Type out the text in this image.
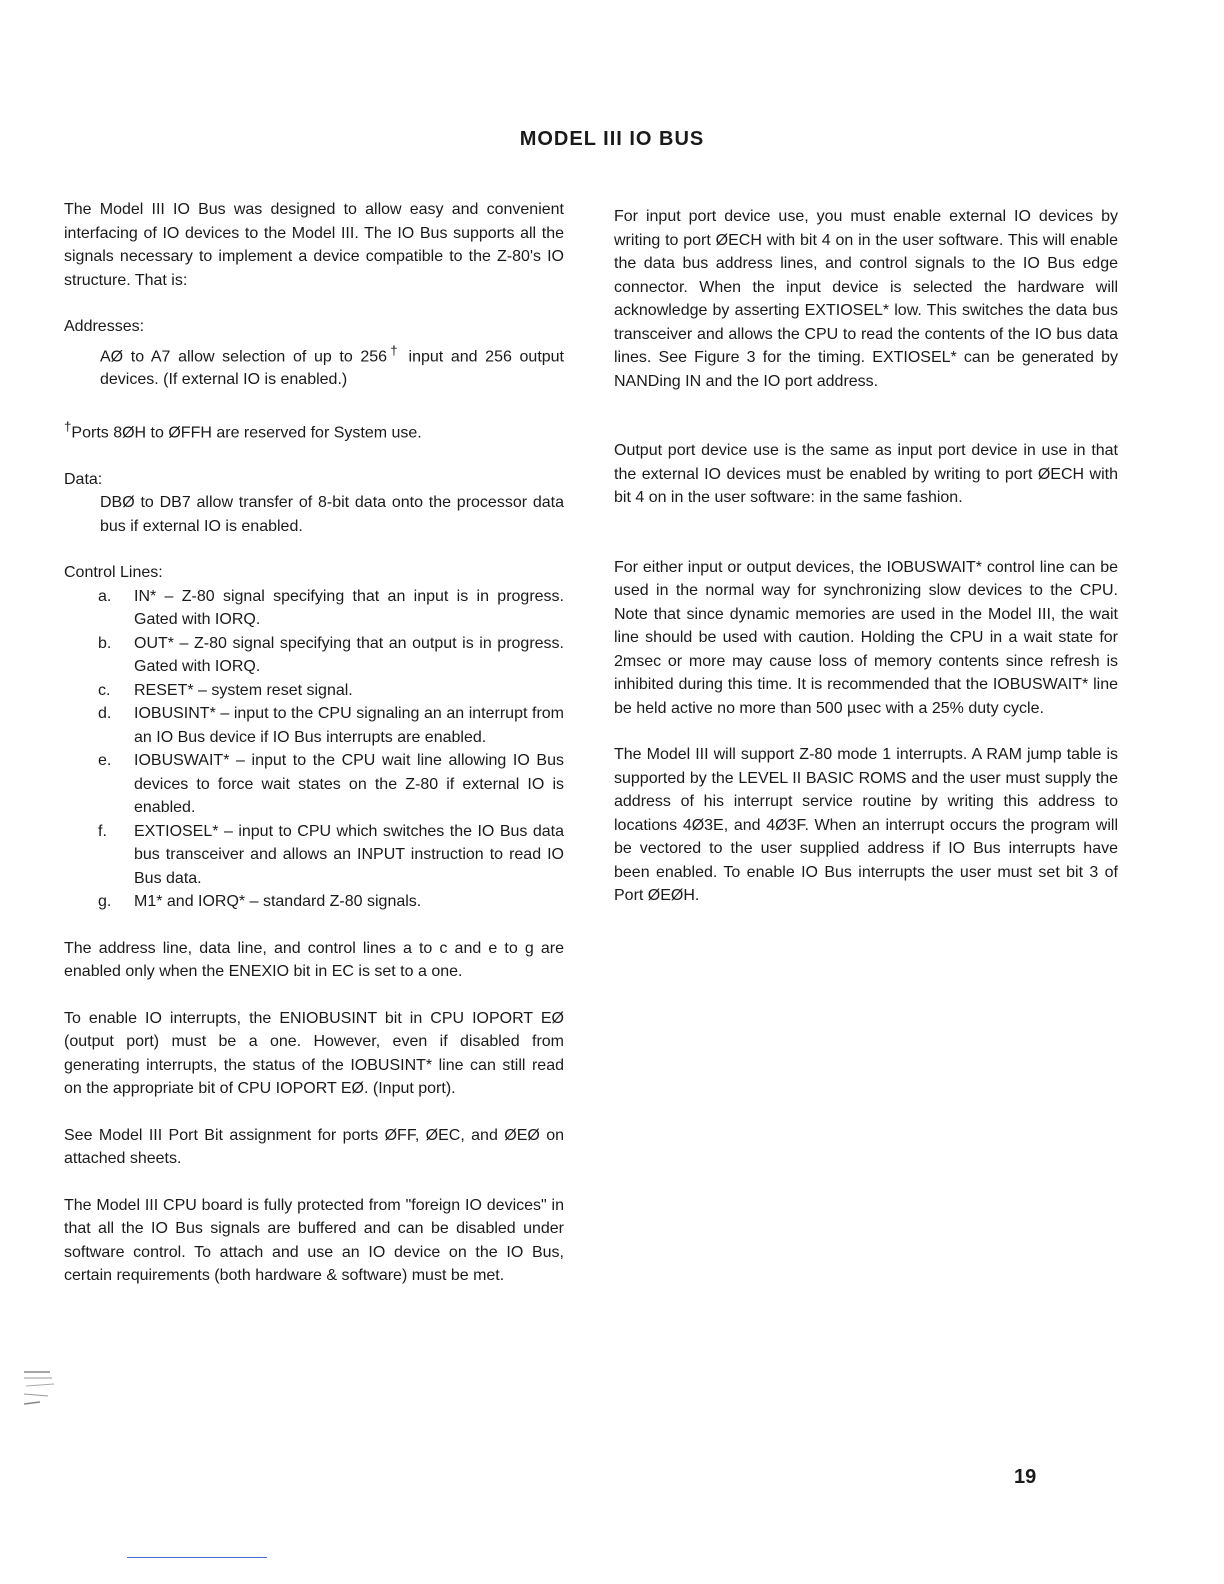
MODEL III IO BUS

The Model III IO Bus was designed to allow easy and convenient interfacing of IO devices to the Model III. The IO Bus supports all the signals necessary to implement a device compatible to the Z-80's IO structure. That is:

Addresses:

AØ to A7 allow selection of up to 256† input and 256 output devices. (If external IO is enabled.)

†Ports 8ØH to ØFFH are reserved for System use.

Data:

DBØ to DB7 allow transfer of 8-bit data onto the processor data bus if external IO is enabled.

Control Lines:

a. IN* – Z-80 signal specifying that an input is in progress. Gated with IORQ.
b. OUT* – Z-80 signal specifying that an output is in progress. Gated with IORQ.
c. RESET* – system reset signal.
d. IOBUSINT* – input to the CPU signaling an an interrupt from an IO Bus device if IO Bus interrupts are enabled.
e. IOBUSWAIT* – input to the CPU wait line allowing IO Bus devices to force wait states on the Z-80 if external IO is enabled.
f. EXTIOSEL* – input to CPU which switches the IO Bus data bus transceiver and allows an INPUT instruction to read IO Bus data.
g. M1* and IORQ* – standard Z-80 signals.

The address line, data line, and control lines a to c and e to g are enabled only when the ENEXIO bit in EC is set to a one.

To enable IO interrupts, the ENIOBUSINT bit in CPU IOPORT EØ (output port) must be a one. However, even if disabled from generating interrupts, the status of the IOBUSINT* line can still read on the appropriate bit of CPU IOPORT EØ. (Input port).

See Model III Port Bit assignment for ports ØFF, ØEC, and ØEØ on attached sheets.

The Model III CPU board is fully protected from "foreign IO devices" in that all the IO Bus signals are buffered and can be disabled under software control. To attach and use an IO device on the IO Bus, certain requirements (both hardware & software) must be met.

For input port device use, you must enable external IO devices by writing to port ØECH with bit 4 on in the user software. This will enable the data bus address lines, and control signals to the IO Bus edge connector. When the input device is selected the hardware will acknowledge by asserting EXTIOSEL* low. This switches the data bus transceiver and allows the CPU to read the contents of the IO bus data lines. See Figure 3 for the timing. EXTIOSEL* can be generated by NANDing IN and the IO port address.

Output port device use is the same as input port device in use in that the external IO devices must be enabled by writing to port ØECH with bit 4 on in the user software: in the same fashion.

For either input or output devices, the IOBUSWAIT* control line can be used in the normal way for synchronizing slow devices to the CPU. Note that since dynamic memories are used in the Model III, the wait line should be used with caution. Holding the CPU in a wait state for 2msec or more may cause loss of memory contents since refresh is inhibited during this time. It is recommended that the IOBUSWAIT* line be held active no more than 500 µsec with a 25% duty cycle.

The Model III will support Z-80 mode 1 interrupts. A RAM jump table is supported by the LEVEL II BASIC ROMS and the user must supply the address of his interrupt service routine by writing this address to locations 4Ø3E, and 4Ø3F. When an interrupt occurs the program will be vectored to the user supplied address if IO Bus interrupts have been enabled. To enable IO Bus interrupts the user must set bit 3 of Port ØEØH.

19
